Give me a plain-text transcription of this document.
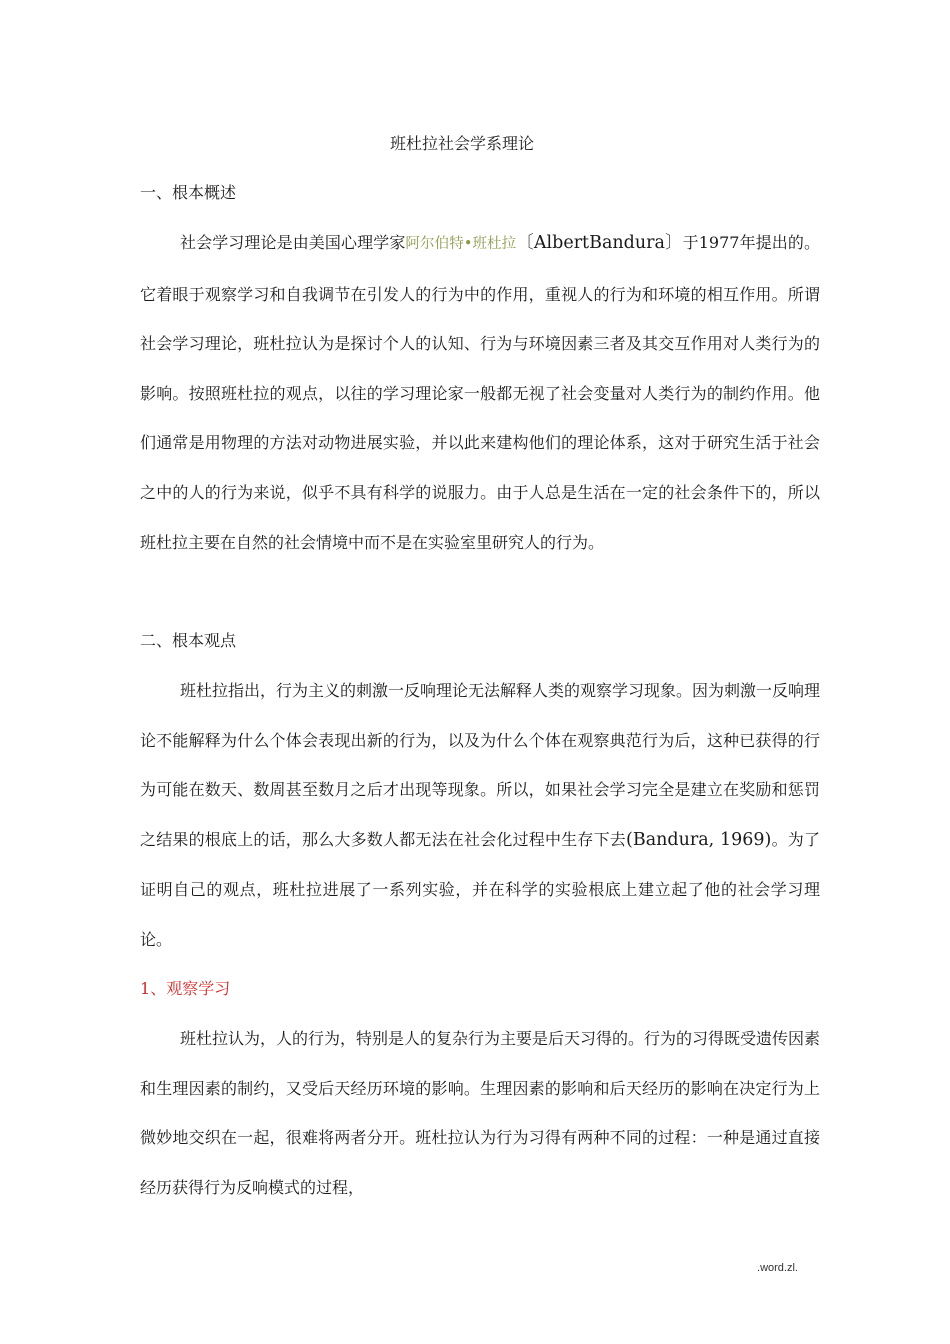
班杜拉社会学系理论
一、根本概述

社会学习理论是由美国心理学家阿尔伯特•班杜拉〔AlbertBandura〕于1977年提出的。它着眼于观察学习和自我调节在引发人的行为中的作用，重视人的行为和环境的相互作用。所谓社会学习理论，班杜拉认为是探讨个人的认知、行为与环境因素三者及其交互作用对人类行为的影响。按照班杜拉的观点，以往的学习理论家一般都无视了社会变量对人类行为的制约作用。他们通常是用物理的方法对动物进展实验，并以此来建构他们的理论体系，这对于研究生活于社会之中的人的行为来说，似乎不具有科学的说服力。由于人总是生活在一定的社会条件下的，所以班杜拉主要在自然的社会情境中而不是在实验室里研究人的行为。

二、根本观点

班杜拉指出，行为主义的刺激一反响理论无法解释人类的观察学习现象。因为刺激一反响理论不能解释为什么个体会表现出新的行为，以及为什么个体在观察典范行为后，这种已获得的行为可能在数天、数周甚至数月之后才出现等现象。所以，如果社会学习完全是建立在奖励和惩罚之结果的根底上的话，那么大多数人都无法在社会化过程中生存下去(Bandura, 1969)。为了证明自己的观点，班杜拉进展了一系列实验，并在科学的实验根底上建立起了他的社会学习理论。

1、观察学习

班杜拉认为，人的行为，特别是人的复杂行为主要是后天习得的。行为的习得既受遗传因素和生理因素的制约，又受后天经历环境的影响。生理因素的影响和后天经历的影响在决定行为上微妙地交织在一起，很难将两者分开。班杜拉认为行为习得有两种不同的过程：一种是通过直接经历获得行为反响模式的过程，

.word.zl.
